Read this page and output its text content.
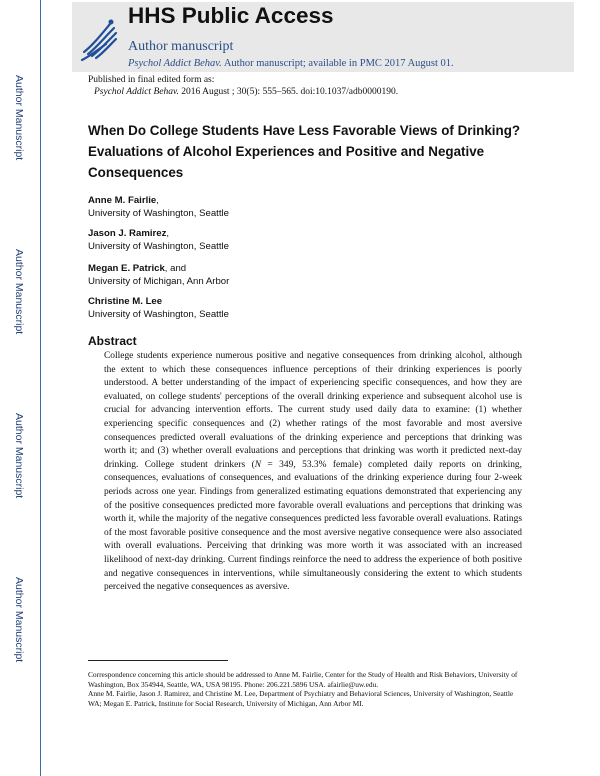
Author Manuscript
Author Manuscript
Author Manuscript
Author Manuscript
HHS Public Access
Author manuscript
Psychol Addict Behav. Author manuscript; available in PMC 2017 August 01.
Published in final edited form as:
Psychol Addict Behav. 2016 August ; 30(5): 555–565. doi:10.1037/adb0000190.
When Do College Students Have Less Favorable Views of Drinking? Evaluations of Alcohol Experiences and Positive and Negative Consequences
Anne M. Fairlie,
University of Washington, Seattle
Jason J. Ramirez,
University of Washington, Seattle
Megan E. Patrick, and
University of Michigan, Ann Arbor
Christine M. Lee
University of Washington, Seattle
Abstract
College students experience numerous positive and negative consequences from drinking alcohol, although the extent to which these consequences influence perceptions of their drinking experiences is poorly understood. A better understanding of the impact of experiencing specific consequences, and how they are evaluated, on college students' perceptions of the overall drinking experience and subsequent alcohol use is crucial for advancing intervention efforts. The current study used daily data to examine: (1) whether experiencing specific consequences and (2) whether ratings of the most favorable and most aversive consequences predicted overall evaluations of the drinking experience and perceptions that drinking was worth it; and (3) whether overall evaluations and perceptions that drinking was worth it predicted next-day drinking. College student drinkers (N = 349, 53.3% female) completed daily reports on drinking, consequences, evaluations of consequences, and evaluations of the drinking experience during four 2-week periods across one year. Findings from generalized estimating equations demonstrated that experiencing any of the positive consequences predicted more favorable overall evaluations and perceptions that drinking was worth it, while the majority of the negative consequences predicted less favorable overall evaluations. Ratings of the most favorable positive consequence and the most aversive negative consequence were also associated with overall evaluations. Perceiving that drinking was more worth it was associated with an increased likelihood of next-day drinking. Current findings reinforce the need to address the experience of both positive and negative consequences in interventions, while simultaneously considering the extent to which students perceived the negative consequences as aversive.
Correspondence concerning this article should be addressed to Anne M. Fairlie, Center for the Study of Health and Risk Behaviors, University of Washington, Box 354944, Seattle, WA, USA 98195. Phone: 206.221.5896 USA. afairlie@uw.edu.
Anne M. Fairlie, Jason J. Ramirez, and Christine M. Lee, Department of Psychiatry and Behavioral Sciences, University of Washington, Seattle WA; Megan E. Patrick, Institute for Social Research, University of Michigan, Ann Arbor MI.
